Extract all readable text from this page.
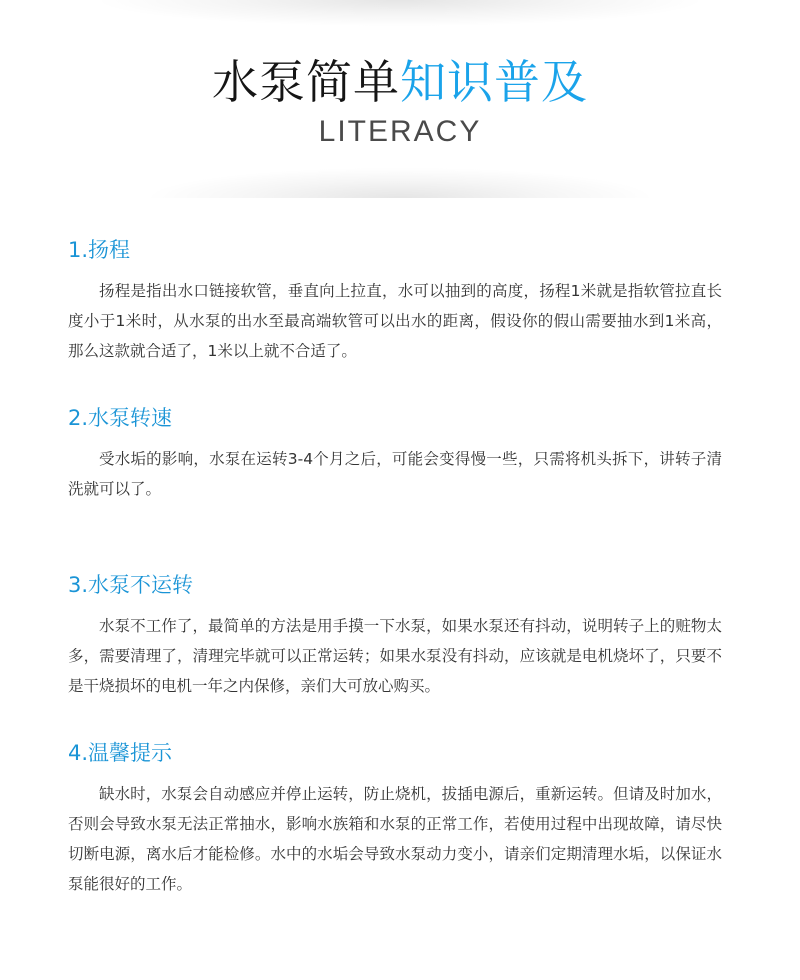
水泵简单知识普及
LITERACY
1.扬程

扬程是指出水口链接软管，垂直向上拉直，水可以抽到的高度，扬程1米就是指软管拉直长度小于1米时，从水泵的出水至最高端软管可以出水的距离，假设你的假山需要抽水到1米高，那么这款就合适了，1米以上就不合适了。

2.水泵转速

受水垢的影响，水泵在运转3-4个月之后，可能会变得慢一些，只需将机头拆下，讲转子清洗就可以了。

3.水泵不运转

水泵不工作了，最简单的方法是用手摸一下水泵，如果水泵还有抖动，说明转子上的赃物太多，需要清理了，清理完毕就可以正常运转；如果水泵没有抖动，应该就是电机烧坏了，只要不是干烧损坏的电机一年之内保修，亲们大可放心购买。

4.温馨提示

缺水时，水泵会自动感应并停止运转，防止烧机，拔插电源后，重新运转。但请及时加水，否则会导致水泵无法正常抽水，影响水族箱和水泵的正常工作，若使用过程中出现故障，请尽快切断电源，离水后才能检修。水中的水垢会导致水泵动力变小，请亲们定期清理水垢，以保证水泵能很好的工作。
